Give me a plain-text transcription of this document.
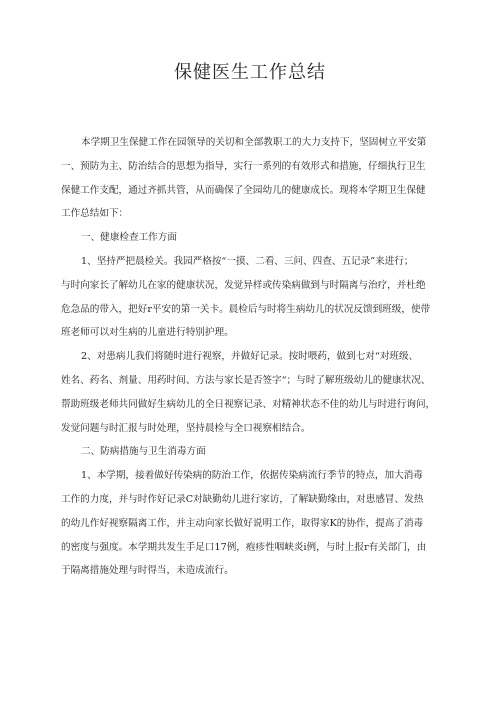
保健医生工作总结
本学期卫生保健工作在园领导的关切和全部教职工的大力支持下，坚固树立平安第
一、预防为主、防治结合的思想为指导，实行一系列的有效形式和措施，仔细执行卫生
保健工作支配，通过齐抓共管，从而确保了全园幼儿的健康成长。现将本学期卫生保健
工作总结如下：
一、健康检查工作方面
1、坚持严把晨检关。我园严格按“一摸、二看、三问、四查、五记录”来进行；
与时向家长了解幼儿在家的健康状况，发觉异样或传染病做到与时隔离与治疗，并杜绝
危急品的带入，把好r平安的第一关卡。晨检后与时将生病幼儿的状况反馈到班级，使带
班老师可以对生病的儿童进行特别护理。
2、对患病儿我们将随时进行视察，并做好记录。按时喂药，做到七对“对班级、
姓名、药名、剂量、用药时间、方法与家长是否签字“；与时了解班级幼儿的健康状况、
帮助班级老师共同做好生病幼儿的全日视察记录、对精神状态不佳的幼儿与时进行询问，
发觉问题与时汇报与时处理，坚持晨检与全口视察相结合。
二、防病措施与卫生消毒方面
1、本学期，接着做好传染病的防治工作，依据传染病流行季节的特点，加大消毒
工作的力度，并与时作好记录C对缺勤幼儿进行家访，了解缺勤缘由，对患感冒、发热
的幼儿作好视察隔离工作，并主动向家长做好说明工作，取得家K的协作，提高了消毒
的密度与强度。本学期共发生手足口17例，疱疹性咽峡炎i例，与时上报r有关部门，由
于隔离措施处理与时得当，未造成流行。
